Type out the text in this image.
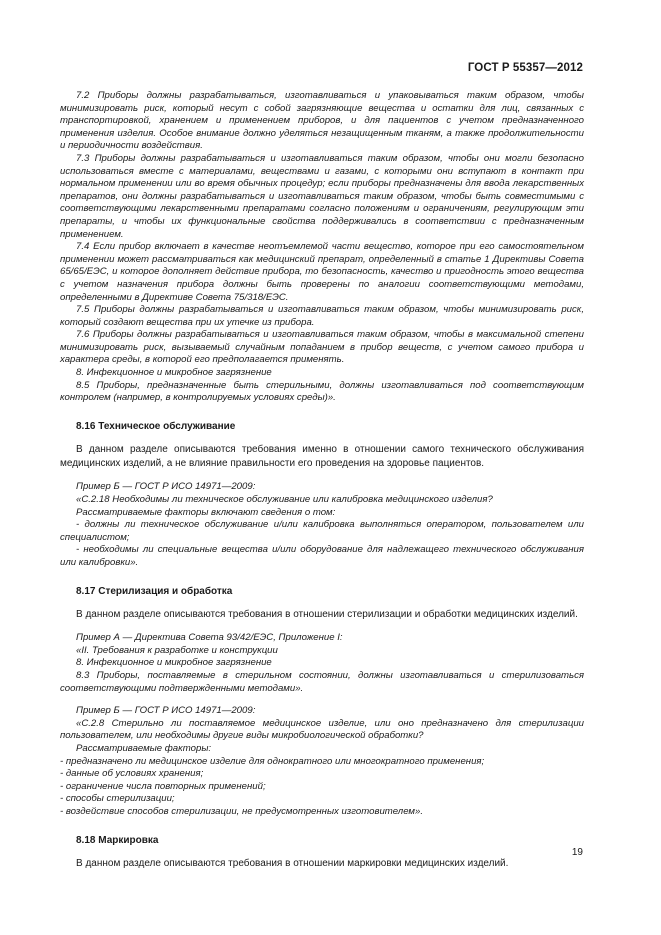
ГОСТ Р 55357—2012

7.2 Приборы должны разрабатываться, изготавливаться и упаковываться таким образом, чтобы минимизировать риск, который несут с собой загрязняющие вещества и остатки для лиц, связанных с транспортировкой, хранением и применением приборов, и для пациентов с учетом предназначенного применения изделия. Особое внимание должно уделяться незащищенным тканям, а также продолжительности и периодичности воздействия.

7.3 Приборы должны разрабатываться и изготавливаться таким образом, чтобы они могли безопасно использоваться вместе с материалами, веществами и газами, с которыми они вступают в контакт при нормальном применении или во время обычных процедур; если приборы предназначены для ввода лекарственных препаратов, они должны разрабатываться и изготавливаться таким образом, чтобы быть совместимыми с соответствующими лекарственными препаратами согласно положениям и ограничениям, регулирующим эти препараты, и чтобы их функциональные свойства поддерживались в соответствии с предназначенным применением.

7.4 Если прибор включает в качестве неотъемлемой части вещество, которое при его самостоятельном применении может рассматриваться как медицинский препарат, определенный в статье 1 Директивы Совета 65/65/ЕЭС, и которое дополняет действие прибора, то безопасность, качество и пригодность этого вещества с учетом назначения прибора должны быть проверены по аналогии соответствующими методами, определенными в Директиве Совета 75/318/ЕЭС.

7.5 Приборы должны разрабатываться и изготавливаться таким образом, чтобы минимизировать риск, который создают вещества при их утечке из прибора.

7.6 Приборы должны разрабатываться и изготавливаться таким образом, чтобы в максимальной степени минимизировать риск, вызываемый случайным попаданием в прибор веществ, с учетом самого прибора и характера среды, в которой его предполагается применять.

8. Инфекционное и микробное загрязнение

8.5 Приборы, предназначенные быть стерильными, должны изготавливаться под соответствующим контролем (например, в контролируемых условиях среды)».

8.16 Техническое обслуживание

В данном разделе описываются требования именно в отношении самого технического обслуживания медицинских изделий, а не влияние правильности его проведения на здоровье пациентов.

Пример Б — ГОСТ Р ИСО 14971—2009:

«С.2.18 Необходимы ли техническое обслуживание или калибровка медицинского изделия?

Рассматриваемые факторы включают сведения о том:

- должны ли техническое обслуживание и/или калибровка выполняться оператором, пользователем или специалистом;

- необходимы ли специальные вещества и/или оборудование для надлежащего технического обслуживания или калибровки».

8.17 Стерилизация и обработка

В данном разделе описываются требования в отношении стерилизации и обработки медицинских изделий.

Пример А — Директива Совета 93/42/ЕЭС, Приложение I:

«II. Требования к разработке и конструкции

8. Инфекционное и микробное загрязнение

8.3 Приборы, поставляемые в стерильном состоянии, должны изготавливаться и стерилизоваться соответствующими подтвержденными методами».

Пример Б — ГОСТ Р ИСО 14971—2009:

«С.2.8 Стерильно ли поставляемое медицинское изделие, или оно предназначено для стерилизации пользователем, или необходимы другие виды микробиологической обработки?

Рассматриваемые факторы:

- предназначено ли медицинское изделие для однократного или многократного применения;

- данные об условиях хранения;

- ограничение числа повторных применений;

- способы стерилизации;

- воздействие способов стерилизации, не предусмотренных изготовителем».

8.18 Маркировка

В данном разделе описываются требования в отношении маркировки медицинских изделий.

19
